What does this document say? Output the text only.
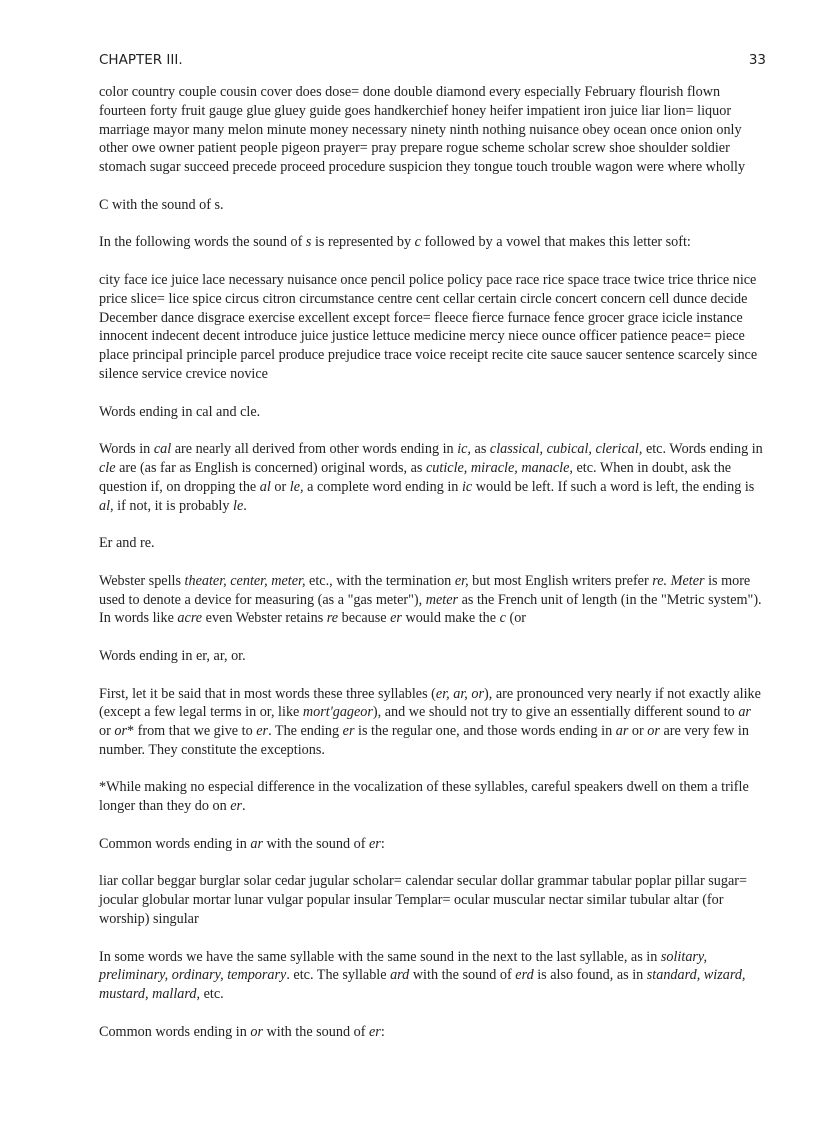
CHAPTER III.	33

color country couple cousin cover does dose= done double diamond every especially February flourish flown fourteen forty fruit gauge glue gluey guide goes handkerchief honey heifer impatient iron juice liar lion= liquor marriage mayor many melon minute money necessary ninety ninth nothing nuisance obey ocean once onion only other owe owner patient people pigeon prayer= pray prepare rogue scheme scholar screw shoe shoulder soldier stomach sugar succeed precede proceed procedure suspicion they tongue touch trouble wagon were where wholly

C with the sound of s.

In the following words the sound of s is represented by c followed by a vowel that makes this letter soft:

city face ice juice lace necessary nuisance once pencil police policy pace race rice space trace twice trice thrice nice price slice= lice spice circus citron circumstance centre cent cellar certain circle concert concern cell dunce decide December dance disgrace exercise excellent except force= fleece fierce furnace fence grocer grace icicle instance innocent indecent decent introduce juice justice lettuce medicine mercy niece ounce officer patience peace= piece place principal principle parcel produce prejudice trace voice receipt recite cite sauce saucer sentence scarcely since silence service crevice novice

Words ending in cal and cle.

Words in cal are nearly all derived from other words ending in ic, as classical, cubical, clerical, etc. Words ending in cle are (as far as English is concerned) original words, as cuticle, miracle, manacle, etc. When in doubt, ask the question if, on dropping the al or le, a complete word ending in ic would be left. If such a word is left, the ending is al, if not, it is probably le.

Er and re.

Webster spells theater, center, meter, etc., with the termination er, but most English writers prefer re. Meter is more used to denote a device for measuring (as a "gas meter"), meter as the French unit of length (in the "Metric system"). In words like acre even Webster retains re because er would make the c (or

Words ending in er, ar, or.

First, let it be said that in most words these three syllables (er, ar, or), are pronounced very nearly if not exactly alike (except a few legal terms in or, like mort'gageor), and we should not try to give an essentially different sound to ar or or* from that we give to er. The ending er is the regular one, and those words ending in ar or or are very few in number. They constitute the exceptions.

*While making no especial difference in the vocalization of these syllables, careful speakers dwell on them a trifle longer than they do on er.

Common words ending in ar with the sound of er:

liar collar beggar burglar solar cedar jugular scholar= calendar secular dollar grammar tabular poplar pillar sugar= jocular globular mortar lunar vulgar popular insular Templar= ocular muscular nectar similar tubular altar (for worship) singular

In some words we have the same syllable with the same sound in the next to the last syllable, as in solitary, preliminary, ordinary, temporary. etc. The syllable ard with the sound of erd is also found, as in standard, wizard, mustard, mallard, etc.

Common words ending in or with the sound of er:
